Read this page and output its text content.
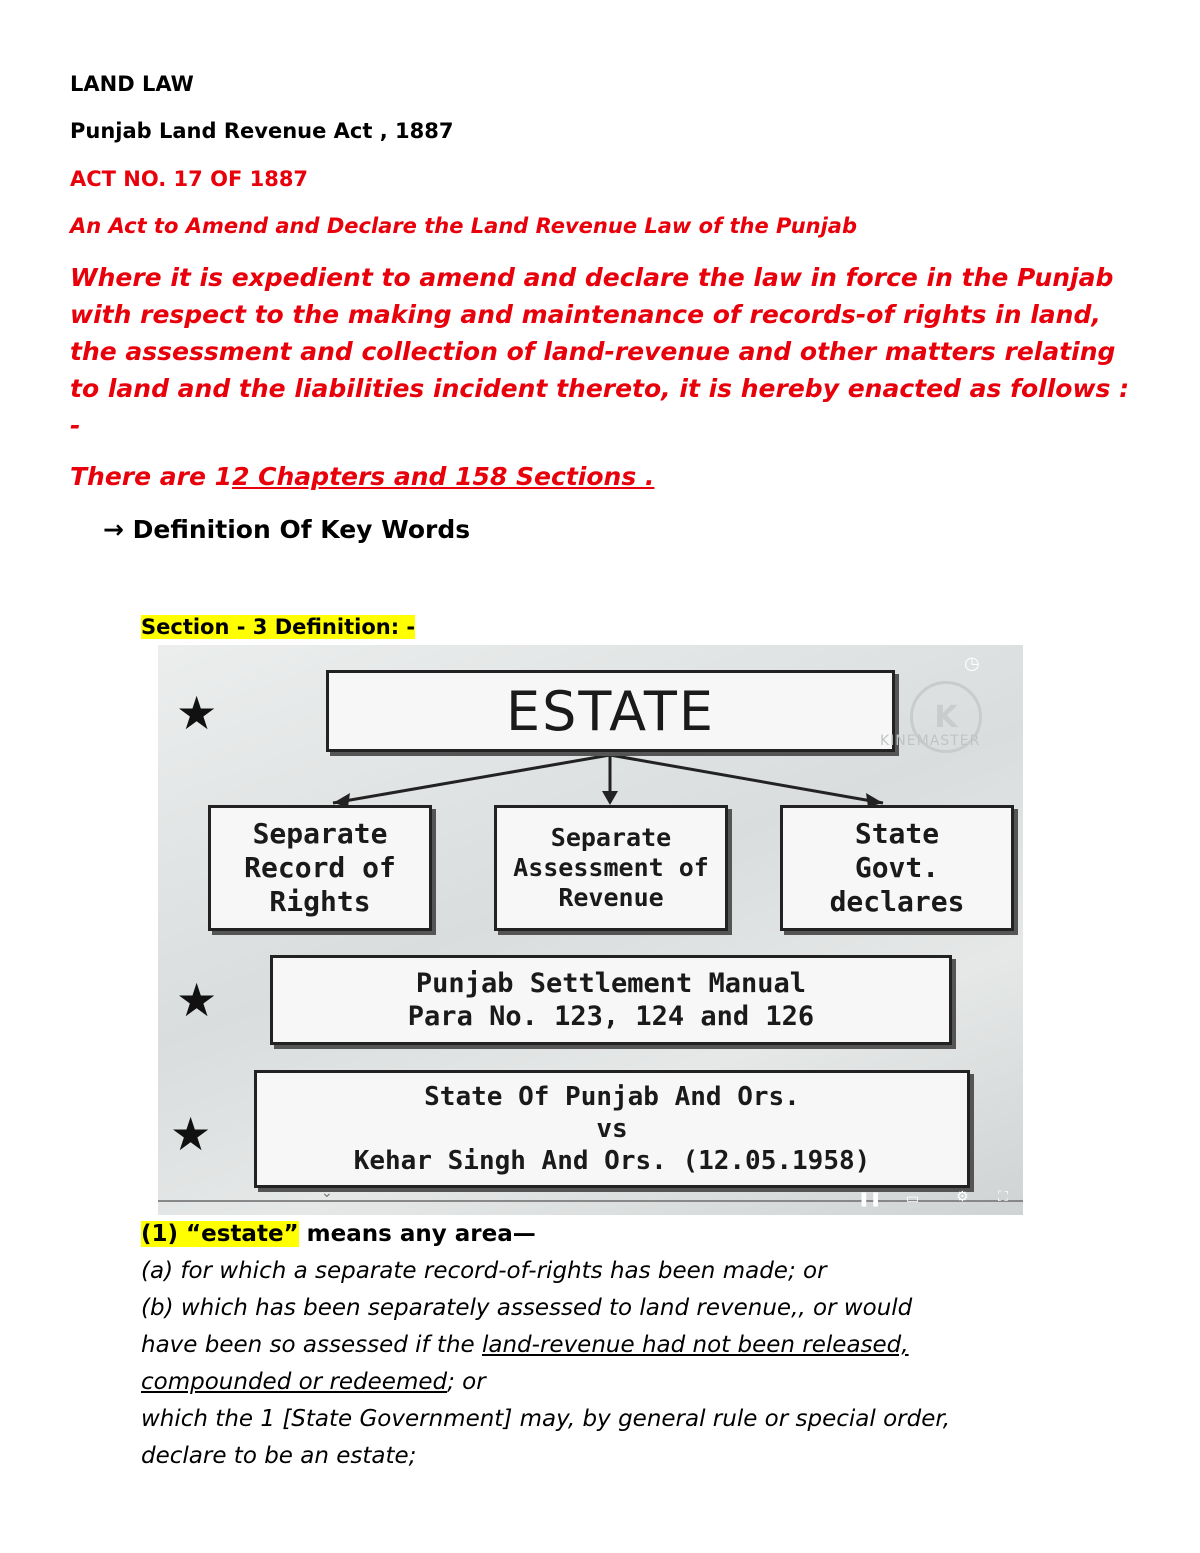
LAND LAW
Punjab Land Revenue Act , 1887
ACT NO. 17 OF 1887
An Act to Amend and Declare the Land Revenue Law of the Punjab
Where it is expedient to amend and declare the law in force in the Punjab with respect to the making and maintenance of records-of rights in land, the assessment and collection of land-revenue and other matters relating to land and the liabilities incident thereto, it is hereby enacted as follows : -
There are 12 Chapters and 158 Sections .
→ Definition Of Key Words
Section - 3 Definition: -
★
★
★
ESTATE
Separate Record of Rights
Separate Assessment of Revenue
State Govt. declares
Punjab Settlement Manual
Para No. 123, 124 and 126
State Of Punjab And Ors.
vs
Kehar Singh And Ors. (12.05.1958)
K
KINEMASTER
◷
⌄	❚❚ ▭	⚙ ⛶
(1) “estate” means any area—
(a) for which a separate record-of-rights has been made; or
(b) which has been separately assessed to land revenue,, or would
have been so assessed if the land-revenue had not been released,
compounded or redeemed; or
which the 1 [State Government] may, by general rule or special order,
declare to be an estate;
